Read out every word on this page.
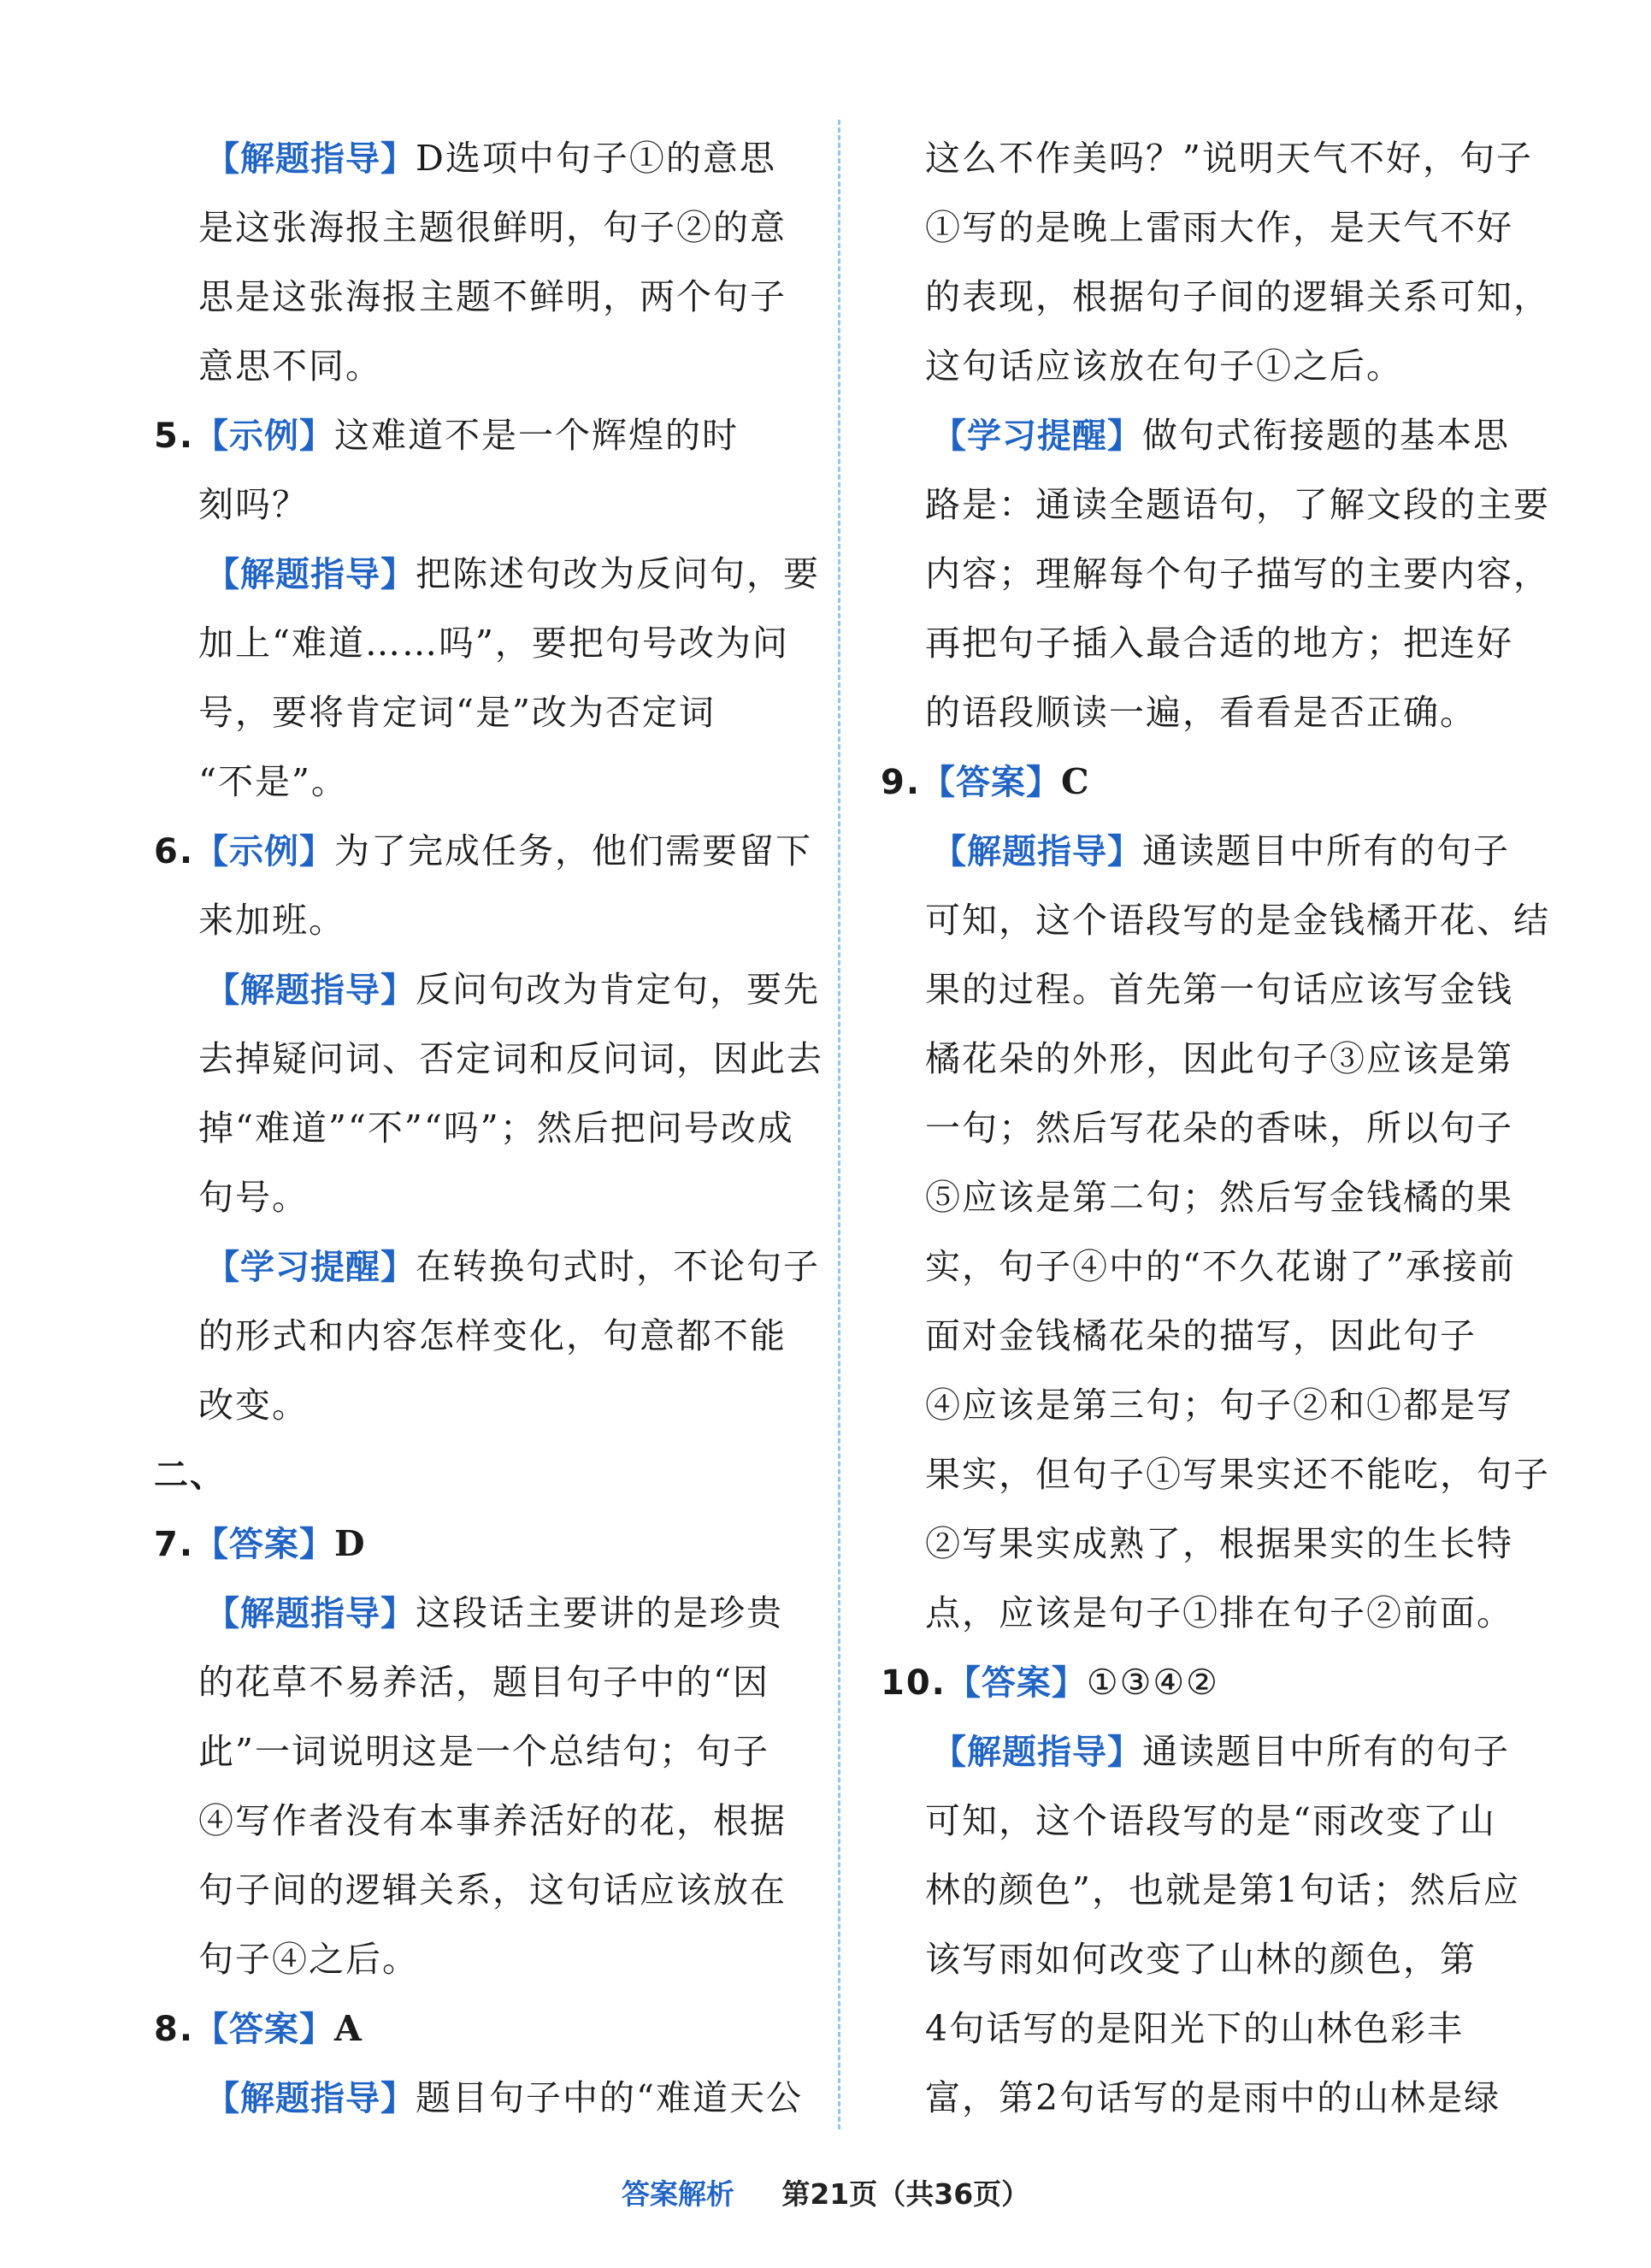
【解题指导】D选项中句子①的意思
是这张海报主题很鲜明，句子②的意
思是这张海报主题不鲜明，两个句子
意思不同。
5.【示例】这难道不是一个辉煌的时
刻吗？
【解题指导】把陈述句改为反问句，要
加上“难道……吗”，要把句号改为问
号，要将肯定词“是”改为否定词
“不是”。
6.【示例】为了完成任务，他们需要留下
来加班。
【解题指导】反问句改为肯定句，要先
去掉疑问词、否定词和反问词，因此去
掉“难道”“不”“吗”；然后把问号改成
句号。
【学习提醒】在转换句式时，不论句子
的形式和内容怎样变化，句意都不能
改变。
二、
7.【答案】D
【解题指导】这段话主要讲的是珍贵
的花草不易养活，题目句子中的“因
此”一词说明这是一个总结句；句子
④写作者没有本事养活好的花，根据
句子间的逻辑关系，这句话应该放在
句子④之后。
8.【答案】A
【解题指导】题目句子中的“难道天公
这么不作美吗？”说明天气不好，句子
①写的是晚上雷雨大作，是天气不好
的表现，根据句子间的逻辑关系可知，
这句话应该放在句子①之后。
【学习提醒】做句式衔接题的基本思
路是：通读全题语句，了解文段的主要
内容；理解每个句子描写的主要内容，
再把句子插入最合适的地方；把连好
的语段顺读一遍，看看是否正确。
9.【答案】C
【解题指导】通读题目中所有的句子
可知，这个语段写的是金钱橘开花、结
果的过程。首先第一句话应该写金钱
橘花朵的外形，因此句子③应该是第
一句；然后写花朵的香味，所以句子
⑤应该是第二句；然后写金钱橘的果
实，句子④中的“不久花谢了”承接前
面对金钱橘花朵的描写，因此句子
④应该是第三句；句子②和①都是写
果实，但句子①写果实还不能吃，句子
②写果实成熟了，根据果实的生长特
点，应该是句子①排在句子②前面。
10.【答案】①③④②
【解题指导】通读题目中所有的句子
可知，这个语段写的是“雨改变了山
林的颜色”，也就是第1句话；然后应
该写雨如何改变了山林的颜色，第
4句话写的是阳光下的山林色彩丰
富，第2句话写的是雨中的山林是绿
答案解析 第21页（共36页）
